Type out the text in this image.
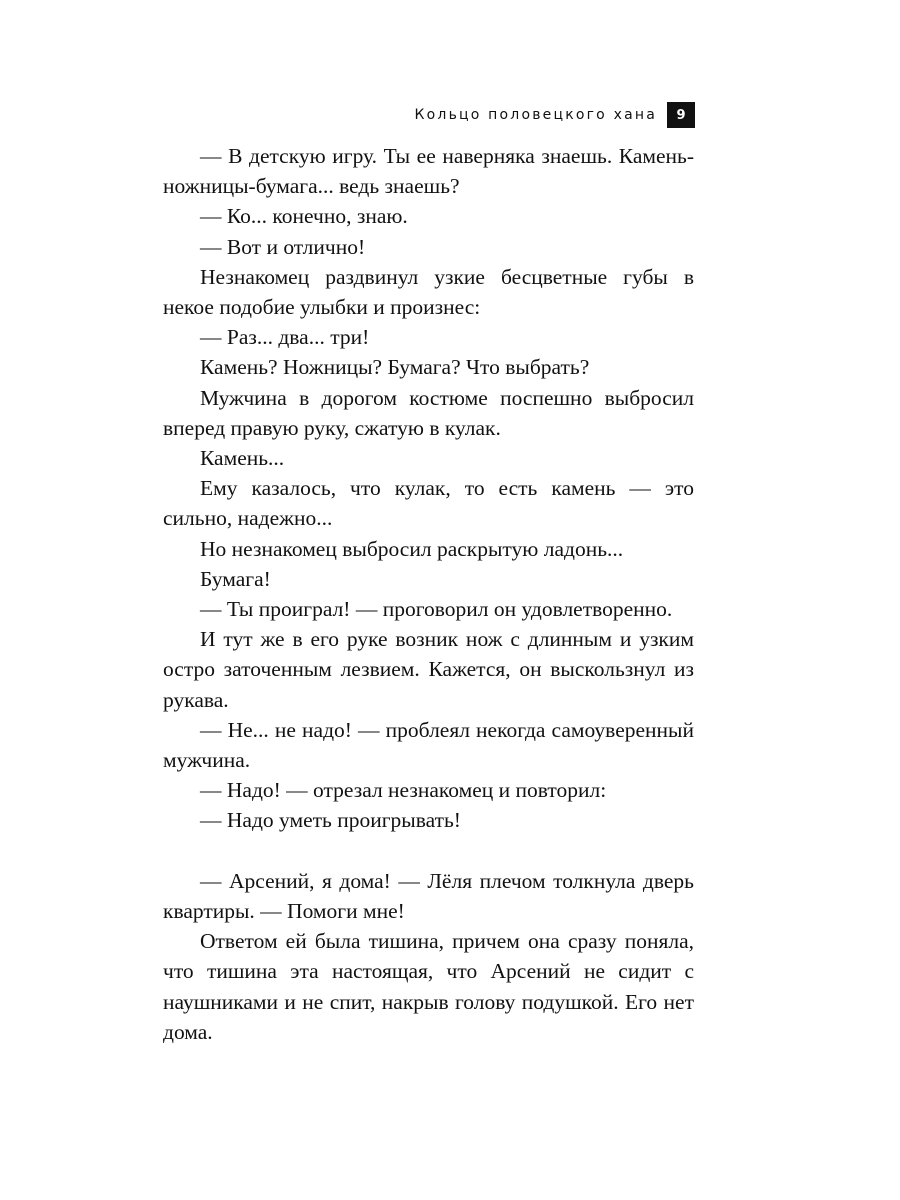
Кольцо половецкого хана	9

— В детскую игру. Ты ее наверняка знаешь. Камень-ножницы-бумага... ведь знаешь?

— Ко... конечно, знаю.

— Вот и отлично!

Незнакомец раздвинул узкие бесцветные губы в некое подобие улыбки и произнес:

— Раз... два... три!

Камень? Ножницы? Бумага? Что выбрать?

Мужчина в дорогом костюме поспешно выбросил вперед правую руку, сжатую в кулак.

Камень...

Ему казалось, что кулак, то есть камень — это сильно, надежно...

Но незнакомец выбросил раскрытую ладонь...

Бумага!

— Ты проиграл! — проговорил он удовлетворенно.

И тут же в его руке возник нож с длинным и узким остро заточенным лезвием. Кажется, он выскользнул из рукава.

— Не... не надо! — проблеял некогда самоуверенный мужчина.

— Надо! — отрезал незнакомец и повторил:

— Надо уметь проигрывать!

— Арсений, я дома! — Лёля плечом толкнула дверь квартиры. — Помоги мне!

Ответом ей была тишина, причем она сразу поняла, что тишина эта настоящая, что Арсений не сидит с наушниками и не спит, накрыв голову подушкой. Его нет дома.
